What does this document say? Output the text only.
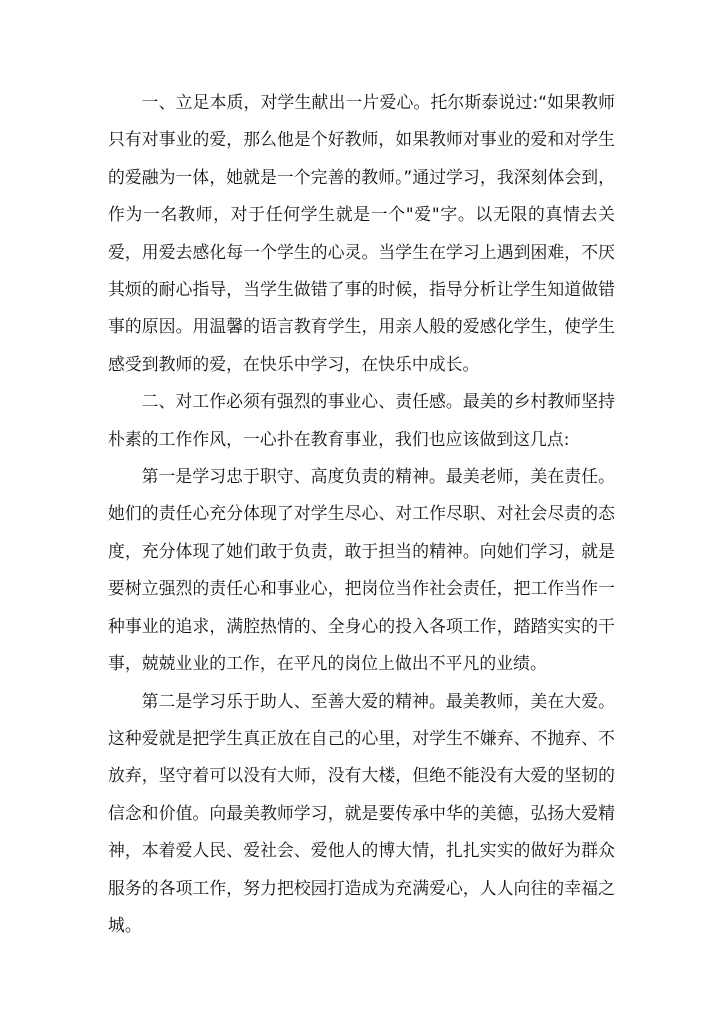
一、立足本质，对学生献出一片爱心。托尔斯泰说过:“如果教师只有对事业的爱，那么他是个好教师，如果教师对事业的爱和对学生的爱融为一体，她就是一个完善的教师。”通过学习，我深刻体会到，作为一名教师，对于任何学生就是一个"爱"字。以无限的真情去关爱，用爱去感化每一个学生的心灵。当学生在学习上遇到困难，不厌其烦的耐心指导，当学生做错了事的时候，指导分析让学生知道做错事的原因。用温馨的语言教育学生，用亲人般的爱感化学生，使学生感受到教师的爱，在快乐中学习，在快乐中成长。

二、对工作必须有强烈的事业心、责任感。最美的乡村教师坚持朴素的工作作风，一心扑在教育事业，我们也应该做到这几点:

第一是学习忠于职守、高度负责的精神。最美老师，美在责任。她们的责任心充分体现了对学生尽心、对工作尽职、对社会尽责的态度，充分体现了她们敢于负责，敢于担当的精神。向她们学习，就是要树立强烈的责任心和事业心，把岗位当作社会责任，把工作当作一种事业的追求，满腔热情的、全身心的投入各项工作，踏踏实实的干事，兢兢业业的工作，在平凡的岗位上做出不平凡的业绩。

第二是学习乐于助人、至善大爱的精神。最美教师，美在大爱。这种爱就是把学生真正放在自己的心里，对学生不嫌弃、不抛弃、不放弃，坚守着可以没有大师，没有大楼，但绝不能没有大爱的坚韧的信念和价值。向最美教师学习，就是要传承中华的美德，弘扬大爱精神，本着爱人民、爱社会、爱他人的博大情，扎扎实实的做好为群众服务的各项工作，努力把校园打造成为充满爱心，人人向往的幸福之城。
